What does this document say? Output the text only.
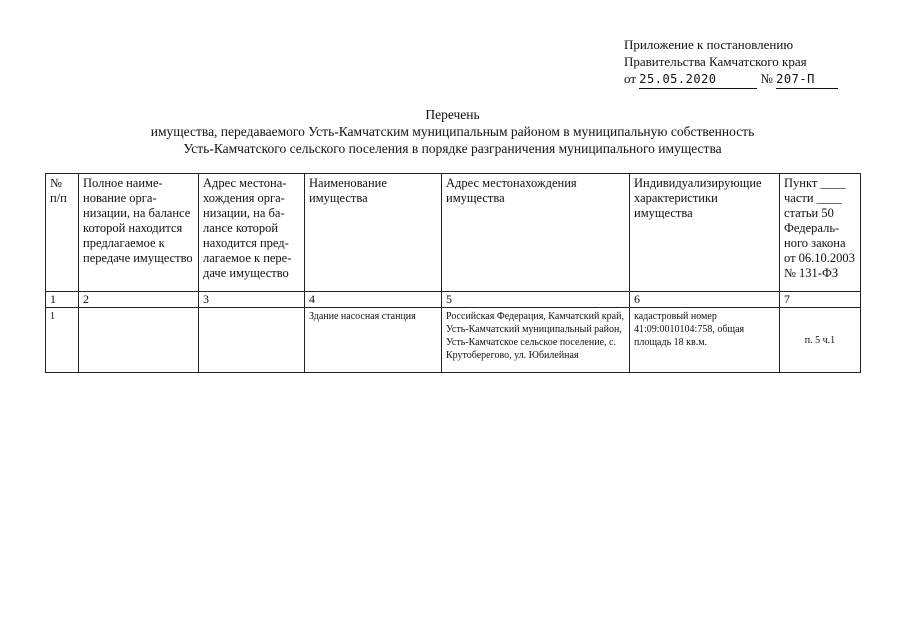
Приложение к постановлению
Правительства Камчатского края
от 25.05.2020	№ 207-П
Перечень
имущества, передаваемого Усть-Камчатским муниципальным районом в муниципальную собственность
Усть-Камчатского сельского поселения в порядке разграничения муниципального имущества
№ п/п	Полное наиме-нование орга-низации, на балансе которой находится предлагаемое к передаче имущество	Адрес местона-хождения орга-низации, на ба-лансе которой находится пред-лагаемое к пере-даче имущество	Наименование имущества	Адрес местонахождения имущества	Индивидуализирующие характеристики имущества	Пункт ____ части ____ статьи 50 Федераль-ного закона от 06.10.2003 № 131-ФЗ
1	2	3	4	5	6	7
1			Здание насосная станция	Российская Федерация, Камчатский край, Усть-Камчатский муниципальный район, Усть-Камчатское сельское поселение, с. Крутоберегово, ул. Юбилейная	кадастровый номер 41:09:0010104:758, общая площадь 18 кв.м.	п. 5 ч.1
